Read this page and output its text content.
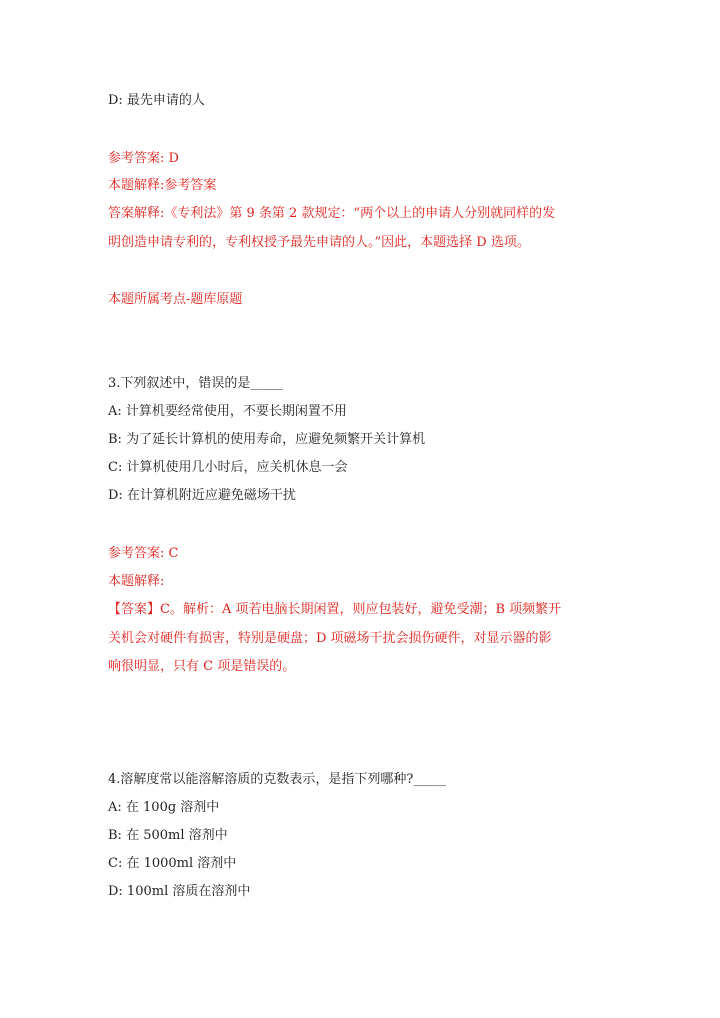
D: 最先申请的人
参考答案: D
本题解释:参考答案
答案解释:《专利法》第 9 条第 2 款规定：“两个以上的申请人分别就同样的发
明创造申请专利的，专利权授予最先申请的人。”因此，本题选择 D 选项。
本题所属考点-题库原题
3.下列叙述中，错误的是_____
A: 计算机要经常使用，不要长期闲置不用
B: 为了延长计算机的使用寿命，应避免频繁开关计算机
C: 计算机使用几小时后，应关机休息一会
D: 在计算机附近应避免磁场干扰
参考答案: C
本题解释:
【答案】C。解析：A 项若电脑长期闲置，则应包装好，避免受潮；B 项频繁开
关机会对硬件有损害，特别是硬盘；D 项磁场干扰会损伤硬件，对显示器的影
响很明显，只有 C 项是错误的。
4.溶解度常以能溶解溶质的克数表示，是指下列哪种?_____
A: 在 100g 溶剂中
B: 在 500ml 溶剂中
C: 在 1000ml 溶剂中
D: 100ml 溶质在溶剂中
